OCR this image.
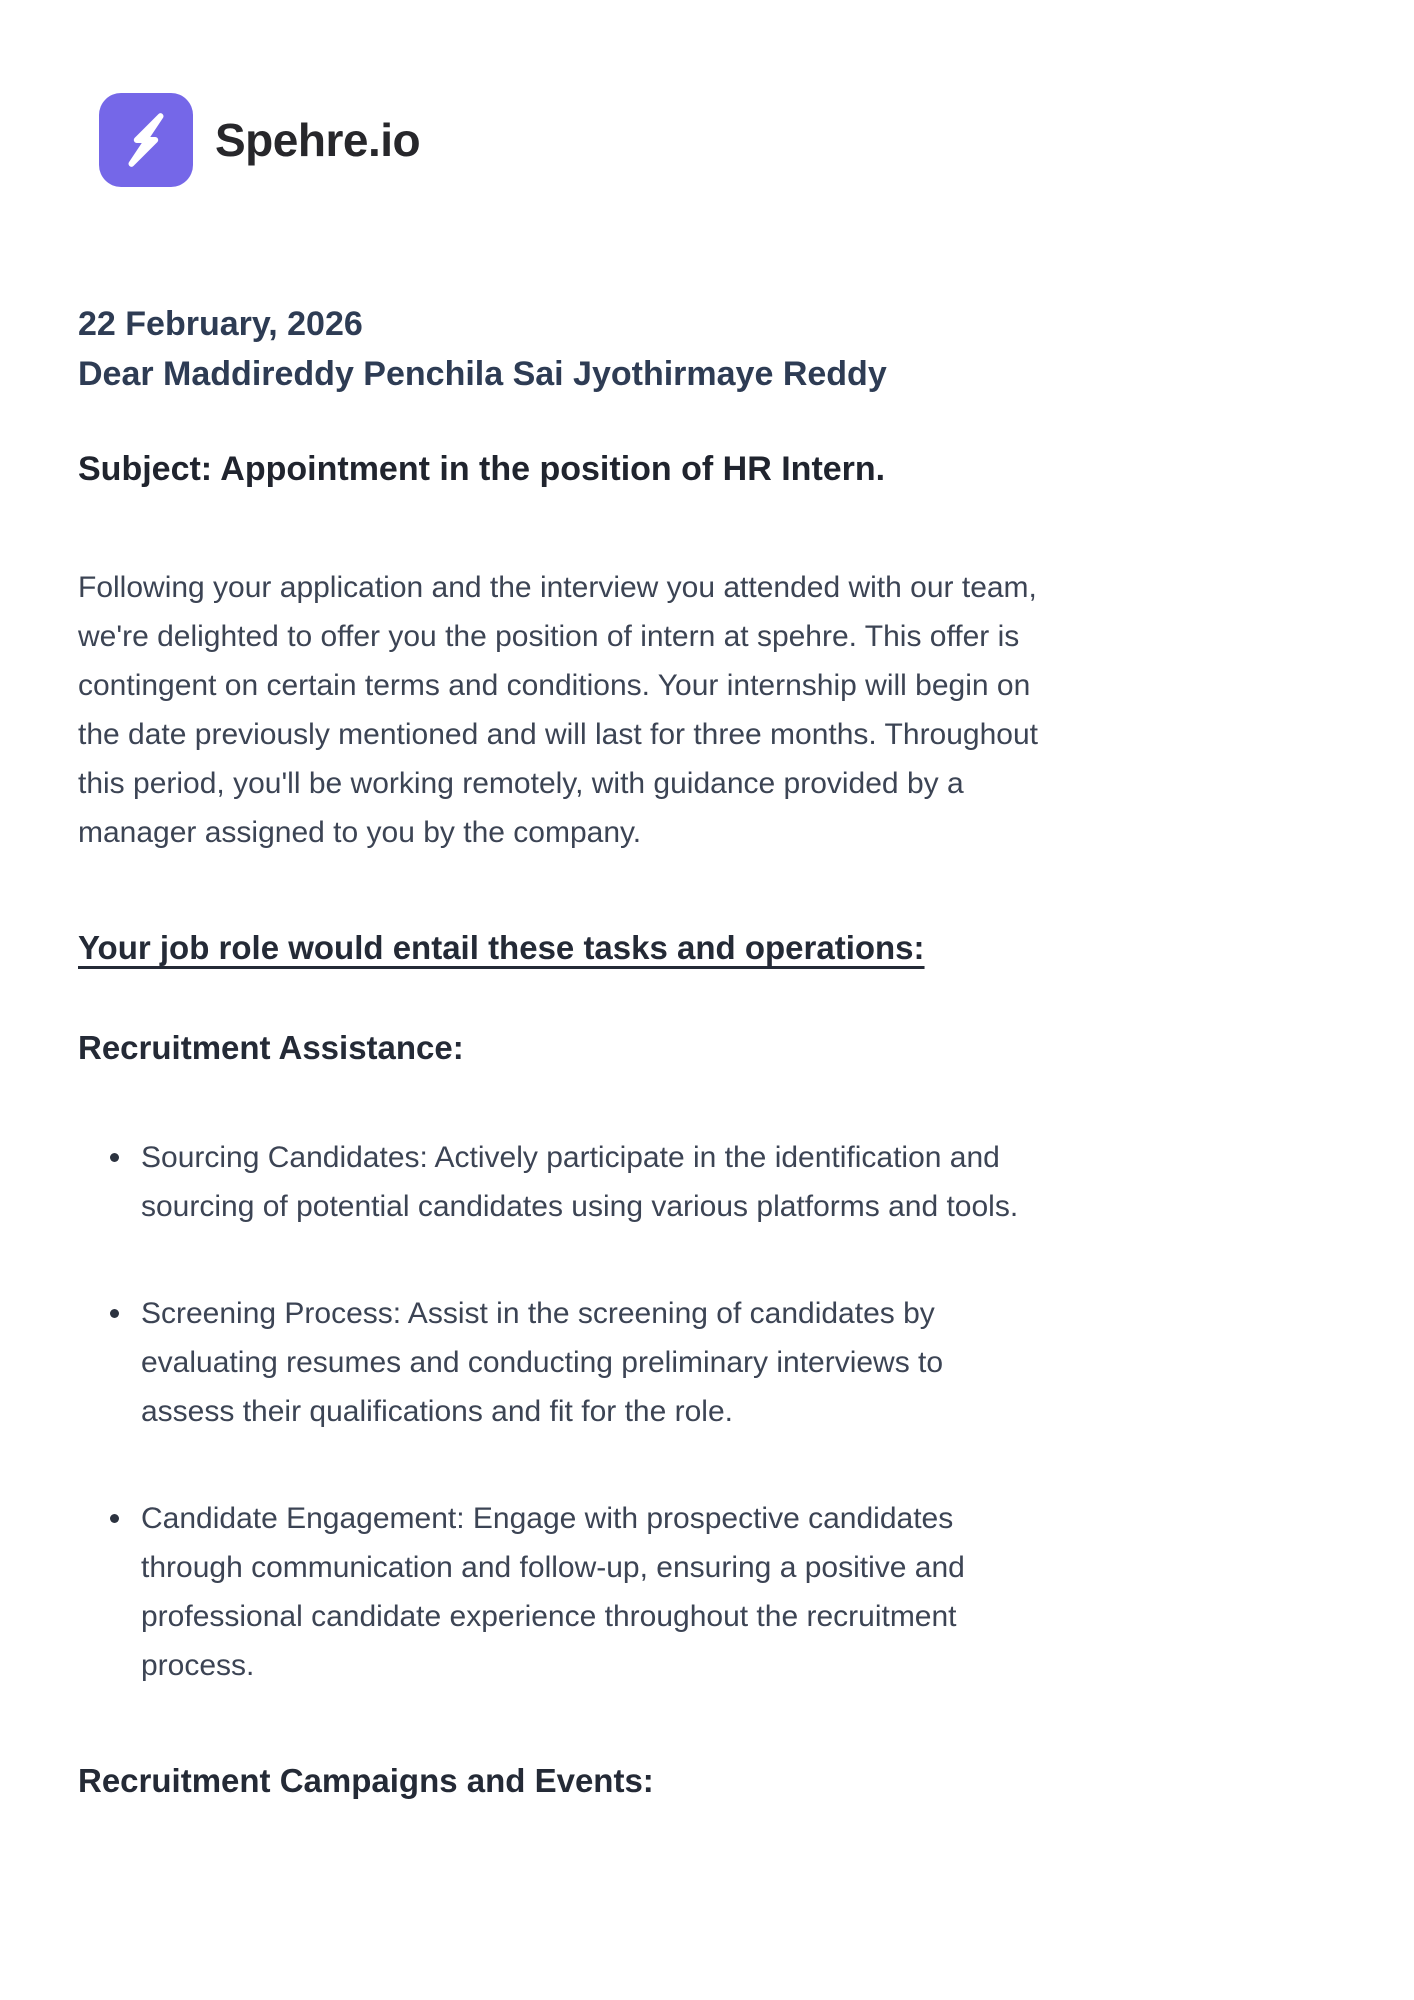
Spehre.io

22 February, 2026

Dear Maddireddy Penchila Sai Jyothirmaye Reddy

Subject: Appointment in the position of HR Intern.

Following your application and the interview you attended with our team, we're delighted to offer you the position of intern at spehre. This offer is contingent on certain terms and conditions. Your internship will begin on the date previously mentioned and will last for three months. Throughout this period, you'll be working remotely, with guidance provided by a manager assigned to you by the company.

Your job role would entail these tasks and operations:
Recruitment Assistance:
Sourcing Candidates: Actively participate in the identification and sourcing of potential candidates using various platforms and tools.
Screening Process: Assist in the screening of candidates by evaluating resumes and conducting preliminary interviews to assess their qualifications and fit for the role.
Candidate Engagement: Engage with prospective candidates through communication and follow-up, ensuring a positive and professional candidate experience throughout the recruitment process.
Recruitment Campaigns and Events:
